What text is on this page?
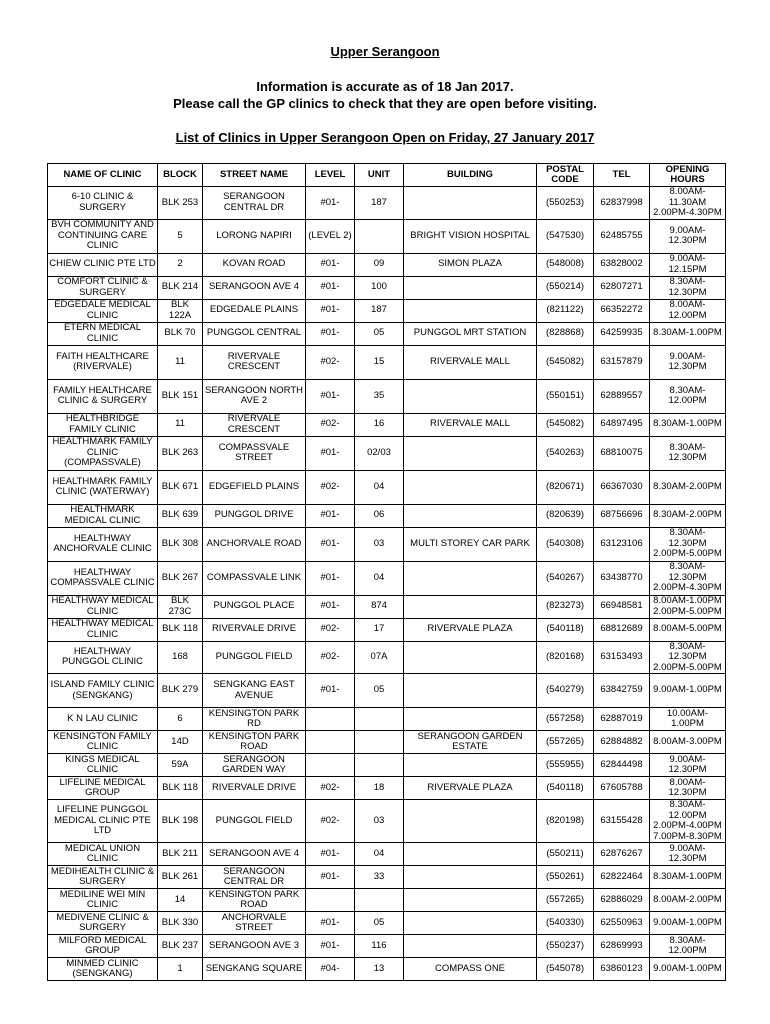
Upper Serangoon
Information is accurate as of 18 Jan 2017.
Please call the GP clinics to check that they are open before visiting.
List of Clinics in Upper Serangoon Open on Friday, 27 January 2017
NAME OF CLINIC	BLOCK	STREET NAME	LEVEL	UNIT	BUILDING	POSTAL CODE	TEL	OPENING HOURS
6-10 CLINIC & SURGERY	BLK 253	SERANGOON CENTRAL DR	#01-	187		(550253)	62837998	8.00AM-11.30AM
2.00PM-4.30PM
BVH COMMUNITY AND CONTINUING CARE CLINIC	5	LORONG NAPIRI	(LEVEL 2)		BRIGHT VISION HOSPITAL	(547530)	62485755	9.00AM-12.30PM
CHIEW CLINIC PTE LTD	2	KOVAN ROAD	#01-	09	SIMON PLAZA	(548008)	63828002	9.00AM-12.15PM
COMFORT CLINIC & SURGERY	BLK 214	SERANGOON AVE 4	#01-	100		(550214)	62807271	8.30AM-12.30PM
EDGEDALE MEDICAL CLINIC	BLK 122A	EDGEDALE PLAINS	#01-	187		(821122)	66352272	8.00AM-12.00PM
ETERN MEDICAL CLINIC	BLK 70	PUNGGOL CENTRAL	#01-	05	PUNGGOL MRT STATION	(828868)	64259935	8.30AM-1.00PM
FAITH HEALTHCARE (RIVERVALE)	11	RIVERVALE CRESCENT	#02-	15	RIVERVALE MALL	(545082)	63157879	9.00AM-12.30PM
FAMILY HEALTHCARE CLINIC & SURGERY	BLK 151	SERANGOON NORTH AVE 2	#01-	35		(550151)	62889557	8.30AM-12.00PM
HEALTHBRIDGE FAMILY CLINIC	11	RIVERVALE CRESCENT	#02-	16	RIVERVALE MALL	(545082)	64897495	8.30AM-1.00PM
HEALTHMARK FAMILY CLINIC (COMPASSVALE)	BLK 263	COMPASSVALE STREET	#01-	02/03		(540263)	68810075	8.30AM-12.30PM
HEALTHMARK FAMILY CLINIC (WATERWAY)	BLK 671	EDGEFIELD PLAINS	#02-	04		(820671)	66367030	8.30AM-2.00PM
HEALTHMARK MEDICAL CLINIC	BLK 639	PUNGGOL DRIVE	#01-	06		(820639)	68756696	8.30AM-2.00PM
HEALTHWAY ANCHORVALE CLINIC	BLK 308	ANCHORVALE ROAD	#01-	03	MULTI STOREY CAR PARK	(540308)	63123106	8.30AM-12.30PM
2.00PM-5.00PM
HEALTHWAY COMPASSVALE CLINIC	BLK 267	COMPASSVALE LINK	#01-	04		(540267)	63438770	8.30AM-12.30PM
2.00PM-4.30PM
HEALTHWAY MEDICAL CLINIC	BLK 273C	PUNGGOL PLACE	#01-	874		(823273)	66948581	8.00AM-1.00PM
2.00PM-5.00PM
HEALTHWAY MEDICAL CLINIC	BLK 118	RIVERVALE DRIVE	#02-	17	RIVERVALE PLAZA	(540118)	68812689	8.00AM-5.00PM
HEALTHWAY PUNGGOL CLINIC	168	PUNGGOL FIELD	#02-	07A		(820168)	63153493	8.30AM-12.30PM
2.00PM-5.00PM
ISLAND FAMILY CLINIC (SENGKANG)	BLK 279	SENGKANG EAST AVENUE	#01-	05		(540279)	63842759	9.00AM-1.00PM
K N LAU CLINIC	6	KENSINGTON PARK RD				(557258)	62887019	10.00AM-1.00PM
KENSINGTON FAMILY CLINIC	14D	KENSINGTON PARK ROAD			SERANGOON GARDEN ESTATE	(557265)	62884882	8.00AM-3.00PM
KINGS MEDICAL CLINIC	59A	SERANGOON GARDEN WAY				(555955)	62844498	9.00AM-12.30PM
LIFELINE MEDICAL GROUP	BLK 118	RIVERVALE DRIVE	#02-	18	RIVERVALE PLAZA	(540118)	67605788	8.00AM-12.30PM
LIFELINE PUNGGOL MEDICAL CLINIC PTE LTD	BLK 198	PUNGGOL FIELD	#02-	03		(820198)	63155428	8.30AM-12.00PM
2.00PM-4.00PM
7.00PM-8.30PM
MEDICAL UNION CLINIC	BLK 211	SERANGOON AVE 4	#01-	04		(550211)	62876267	9.00AM-12.30PM
MEDIHEALTH CLINIC & SURGERY	BLK 261	SERANGOON CENTRAL DR	#01-	33		(550261)	62822464	8.30AM-1.00PM
MEDILINE WEI MIN CLINIC	14	KENSINGTON PARK ROAD				(557265)	62886029	8.00AM-2.00PM
MEDIVENE CLINIC & SURGERY	BLK 330	ANCHORVALE STREET	#01-	05		(540330)	62550963	9.00AM-1.00PM
MILFORD MEDICAL GROUP	BLK 237	SERANGOON AVE 3	#01-	116		(550237)	62869993	8.30AM-12.00PM
MINMED CLINIC (SENGKANG)	1	SENGKANG SQUARE	#04-	13	COMPASS ONE	(545078)	63860123	9.00AM-1.00PM
